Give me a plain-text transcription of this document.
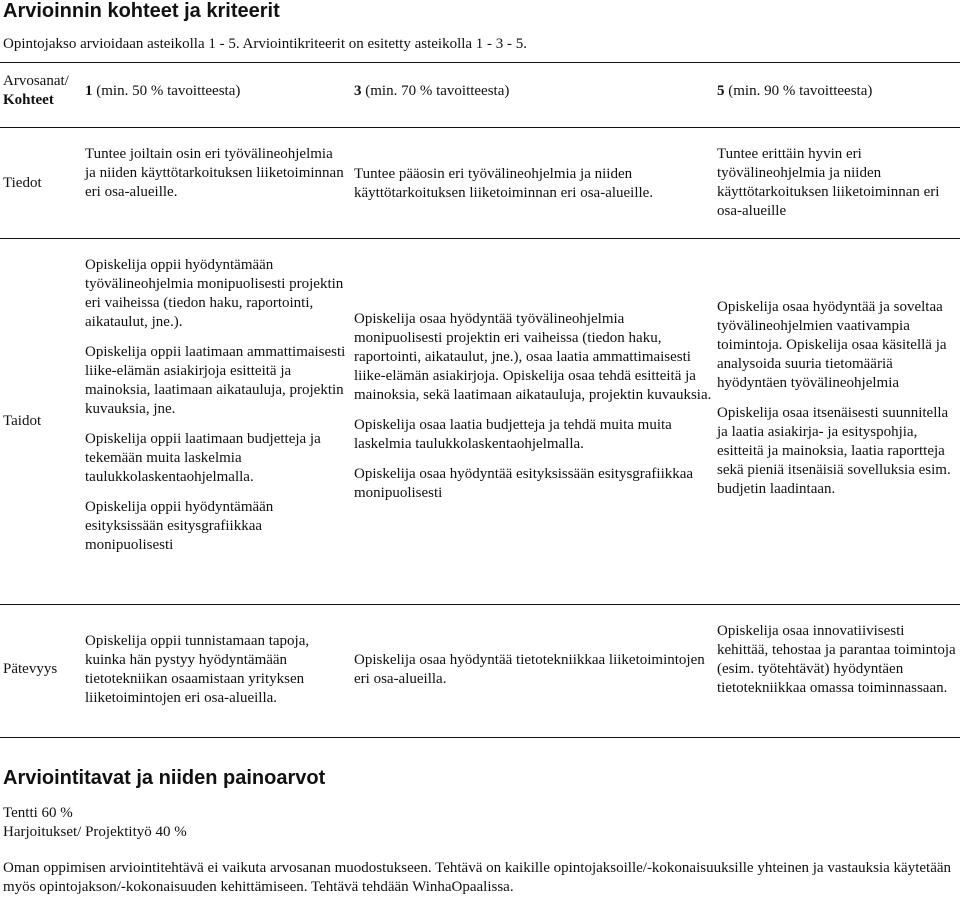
Arvioinnin kohteet ja kriteerit

Opintojakso arvioidaan asteikolla 1 - 5. Arviointikriteerit on esitetty asteikolla 1 - 3 - 5.

Arvosanat/
Kohteet
1 (min. 50 % tavoitteesta)	3 (min. 70 % tavoitteesta)	5 (min. 90 % tavoitteesta)
Tiedot

Tuntee joiltain osin eri työvälineohjelmia ja niiden käyttötarkoituksen liiketoiminnan eri osa-alueille.

Tuntee pääosin eri työvälineohjelmia ja niiden käyttötarkoituksen liiketoiminnan eri osa-alueille.

Tuntee erittäin hyvin eri työvälineohjelmia ja niiden käyttötarkoituksen liiketoiminnan eri osa-alueille

Taidot

Opiskelija oppii hyödyntämään työvälineohjelmia monipuolisesti projektin eri vaiheissa (tiedon haku, raportointi, aikataulut, jne.).

Opiskelija oppii laatimaan ammattimaisesti liike-elämän asiakirjoja esitteitä ja mainoksia, laatimaan aikatauluja, projektin kuvauksia, jne.

Opiskelija oppii laatimaan budjetteja ja tekemään muita laskelmia taulukkolaskentaohjelmalla.

Opiskelija oppii hyödyntämään esityksissään esitysgrafiikkaa monipuolisesti

Opiskelija osaa hyödyntää työvälineohjelmia monipuolisesti projektin eri vaiheissa (tiedon haku, raportointi, aikataulut, jne.), osaa laatia ammattimaisesti liike-elämän asiakirjoja. Opiskelija osaa tehdä esitteitä ja mainoksia, sekä laatimaan aikatauluja, projektin kuvauksia.

Opiskelija osaa laatia budjetteja ja tehdä muita muita laskelmia taulukkolaskentaohjelmalla.

Opiskelija osaa hyödyntää esityksissään esitysgrafiikkaa monipuolisesti

Opiskelija osaa hyödyntää ja soveltaa työvälineohjelmien vaativampia toimintoja. Opiskelija osaa käsitellä ja analysoida suuria tietomääriä hyödyntäen työvälineohjelmia

Opiskelija osaa itsenäisesti suunnitella ja laatia asiakirja- ja esityspohjia, esitteitä ja mainoksia, laatia raportteja sekä pieniä itsenäisiä sovelluksia esim. budjetin laadintaan.

Pätevyys

Opiskelija oppii tunnistamaan tapoja, kuinka hän pystyy hyödyntämään tietotekniikan osaamistaan yrityksen liiketoimintojen eri osa-alueilla.

Opiskelija osaa hyödyntää tietotekniikkaa liiketoimintojen eri osa-alueilla.

Opiskelija osaa innovatiivisesti kehittää, tehostaa ja parantaa toimintoja (esim. työtehtävät) hyödyntäen tietotekniikkaa omassa toiminnassaan.

Arviointitavat ja niiden painoarvot
Tentti 60 %
Harjoitukset/ Projektityö 40 %
Oman oppimisen arviointitehtävä ei vaikuta arvosanan muodostukseen. Tehtävä on kaikille opintojaksoille/-kokonaisuuksille yhteinen ja vastauksia käytetään myös opintojakson/-kokonaisuuden kehittämiseen. Tehtävä tehdään WinhaOpaalissa.
